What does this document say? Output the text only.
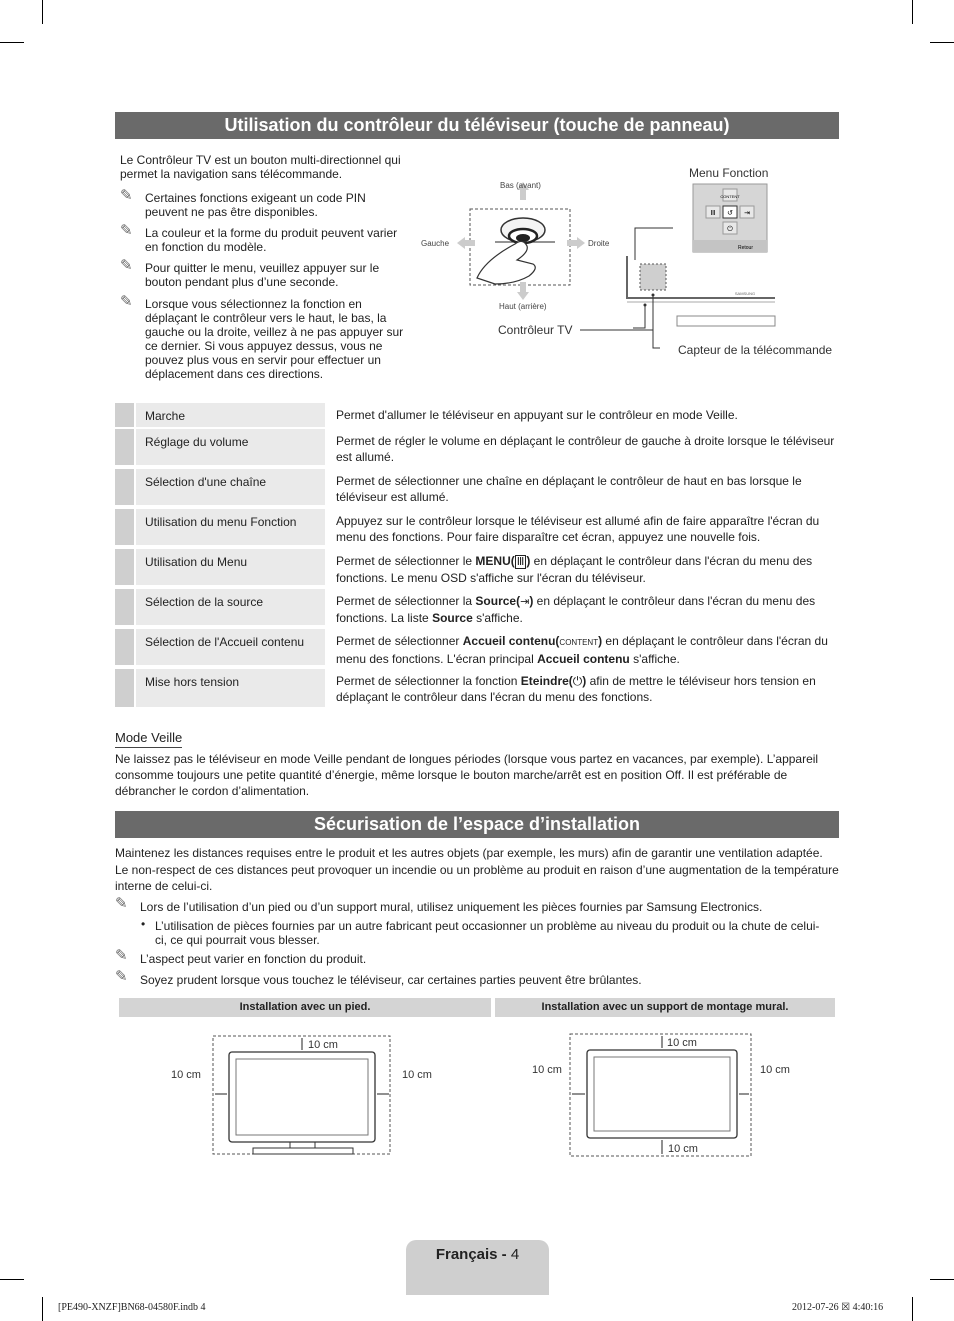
Utilisation du contrôleur du téléviseur (touche de panneau)
Le Contrôleur TV est un bouton multi-directionnel qui permet la navigation sans télécommande.
✎ Certaines fonctions exigeant un code PIN peuvent ne pas être disponibles.
✎ La couleur et la forme du produit peuvent varier en fonction du modèle.
✎ Pour quitter le menu, veuillez appuyer sur le bouton pendant plus d’une seconde.
✎ Lorsque vous sélectionnez la fonction en déplaçant le contrôleur vers le haut, le bas, la gauche ou la droite, veillez à ne pas appuyer sur ce dernier. Si vous appuyez dessus, vous ne pouvez plus vous en servir pour effectuer un déplacement dans ces directions.
CONTENT
Ⅲ ↺ ⇥
⏻
Retour
SAMSUNG
Bas (avant)
Gauche	Droite
Haut (arrière)
Menu Fonction
Contrôleur TV
Capteur de la télécommande
Marche	Permet d'allumer le téléviseur en appuyant sur le contrôleur en mode Veille.
Réglage du volume	Permet de régler le volume en déplaçant le contrôleur de gauche à droite lorsque le téléviseur est allumé.
Sélection d'une chaîne	Permet de sélectionner une chaîne en déplaçant le contrôleur de haut en bas lorsque le téléviseur est allumé.
Utilisation du menu Fonction	Appuyez sur le contrôleur lorsque le téléviseur est allumé afin de faire apparaître l'écran du menu des fonctions. Pour faire disparaître cet écran, appuyez une nouvelle fois.
Utilisation du Menu	Permet de sélectionner le MENU( Ⅲ ) en déplaçant le contrôleur dans l'écran du menu des fonctions. Le menu OSD s'affiche sur l'écran du téléviseur.
Sélection de la source	Permet de sélectionner la Source(⇥) en déplaçant le contrôleur dans l'écran du menu des fonctions. La liste Source s'affiche.
Sélection de l'Accueil contenu	Permet de sélectionner Accueil contenu(CONTENT) en déplaçant le contrôleur dans l'écran du menu des fonctions. L'écran principal Accueil contenu s'affiche.
Mise hors tension	Permet de sélectionner la fonction Eteindre(⏻) afin de mettre le téléviseur hors tension en déplaçant le contrôleur dans l'écran du menu des fonctions.
Mode Veille
Ne laissez pas le téléviseur en mode Veille pendant de longues périodes (lorsque vous partez en vacances, par exemple). L’appareil consomme toujours une petite quantité d’énergie, même lorsque le bouton marche/arrêt est en position Off. Il est préférable de débrancher le cordon d’alimentation.
Sécurisation de l’espace d’installation
Maintenez les distances requises entre le produit et les autres objets (par exemple, les murs) afin de garantir une ventilation adaptée.
Le non-respect de ces distances peut provoquer un incendie ou un problème au produit en raison d’une augmentation de la température interne de celui-ci.
✎ Lors de l’utilisation d’un pied ou d’un support mural, utilisez uniquement les pièces fournies par Samsung Electronics.
• L’utilisation de pièces fournies par un autre fabricant peut occasionner un problème au niveau du produit ou la chute de celui-ci, ce qui pourrait vous blesser.
✎ L’aspect peut varier en fonction du produit.
✎ Soyez prudent lorsque vous touchez le téléviseur, car certaines parties peuvent être brûlantes.
Installation avec un pied.	Installation avec un support de montage mural.
10 cm
10 cm	10 cm
10 cm
10 cm	10 cm
10 cm
Français - 4
[PE490-XNZF]BN68-04580F.indb 4	2012-07-26 ☒ 4:40:16
